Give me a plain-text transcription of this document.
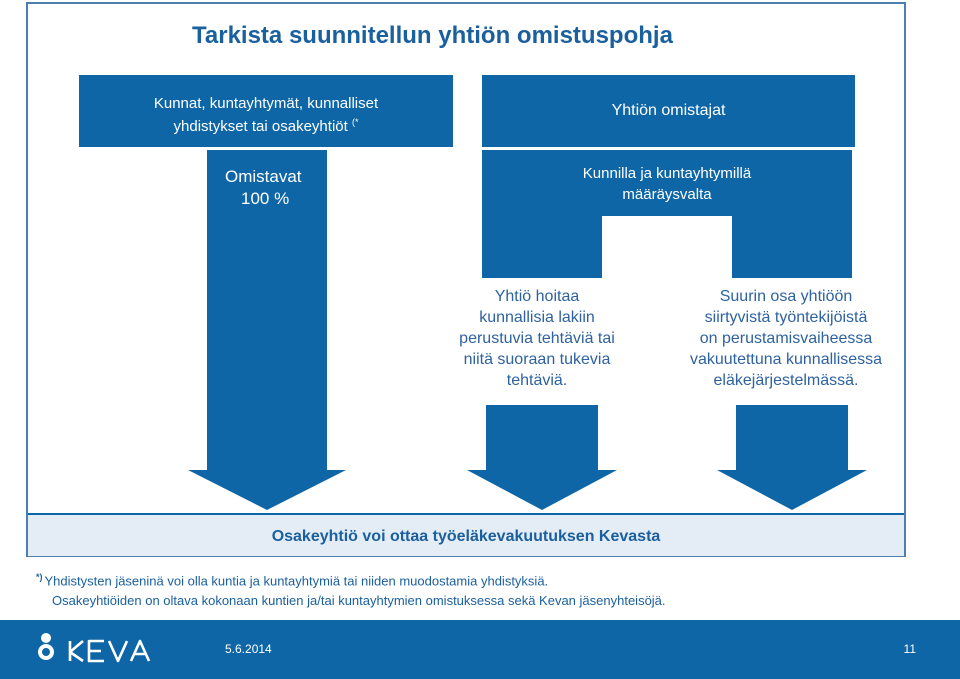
Tarkista suunnitellun yhtiön omistuspohja
Kunnat, kuntayhtymät, kunnalliset
yhdistykset tai osakeyhtiöt (*
Yhtiön omistajat
Omistavat
100 %
Kunnilla ja kuntayhtymillä
määräysvalta
Yhtiö hoitaa
kunnallisia lakiin
perustuvia tehtäviä tai
niitä suoraan tukevia
tehtäviä.
Suurin osa yhtiöön
siirtyvistä työntekijöistä
on perustamisvaiheessa
vakuutettuna kunnallisessa
eläkejärjestelmässä.
Osakeyhtiö voi ottaa työeläkevakuutuksen Kevasta
*) Yhdistysten jäseninä voi olla kuntia ja kuntayhtymiä tai niiden muodostamia yhdistyksiä.
Osakeyhtiöiden on oltava kokonaan kuntien ja/tai kuntayhtymien omistuksessa sekä Kevan jäsenyhteisöjä.
5.6.2014	11
